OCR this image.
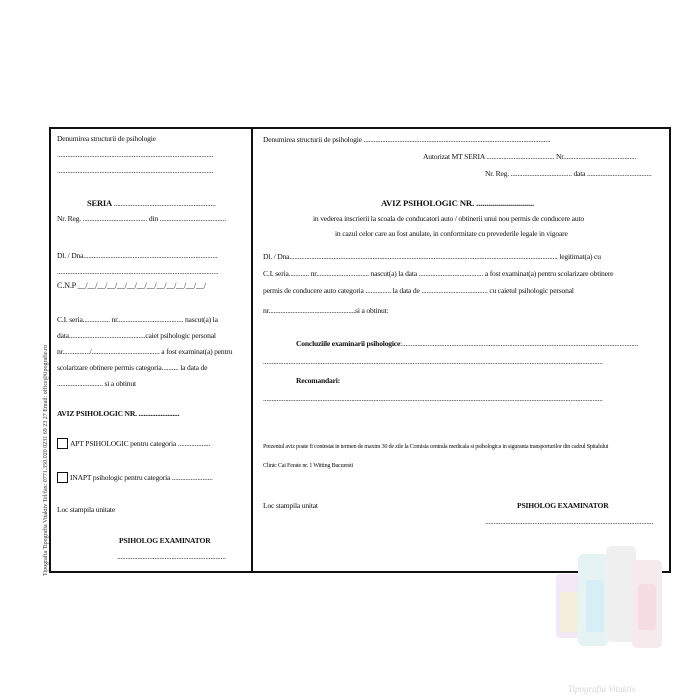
Tipografia Tipografia Vitaktiv Tel/fax: 0771.350.020 0231 69 23 27 Email: office@tipografie.ro
Denumirea structurii de psihologie
............................................................................................
............................................................................................
SERIA ............................................................
Nr. Reg. ...................................... din .......................................
Dl. / Dna...............................................................................
...............................................................................................
C.N.P __/__/__/__/__/__/__/__/__/__/__/__/__/
C.I. seria................ nr....................................... nascut(a) la
data.............................................caiet psihologic personal
nr................/........................................ a fost examinat(a) pentru
scolarizare obtinere permis categoria.......... la data de
........................... si a obtinut
AVIZ PSIHOLOGIC NR. ........................
APT PSIHOLOGIC pentru categoria ...................
INAPT psihologic pentru categoria ........................
Loc stampila unitate
PSIHOLOG EXAMINATOR
................................................................
Denumirea structurii de psihologie ..............................................................................................................
Autorizat MT SERIA ........................................ Nr...........................................
Nr. Reg. .................................... data ......................................
AVIZ PSIHOLOGIC NR. .............................
in vederea inscrierii la scoala de conducatori auto / obtinerii unui nou permis de conducere auto
in cazul celor care au fost anulate, in conformitate cu prevederile legale in vigoare
Dl. / Dna.............................................................................................................................................................. legitimat(a) cu
C.I. seria............ nr............................... nascut(a) la data ...................................... a fost examinat(a) pentru scolarizare obtinere
permis de conducere auto categoria ............... la data de ....................................... cu caietul psihologic personal
nr...................................................si a obtinut:
Concluziile examinarii psihologice:...........................................................................................................................................
........................................................................................................................................................................................................
Recomandari:
........................................................................................................................................................................................................
Prezentul aviz poate fi contestat in termen de maxim 30 de zile la Comisia centrala medicala si psihologica in siguranta transporturilor din cadrul Spitalului
Clinic Cai Ferate nr. 1 Witting Bucuresti
Loc stampila unitat	PSIHOLOG EXAMINATOR
...................................................................................................
Tipografia Vitaktiv
